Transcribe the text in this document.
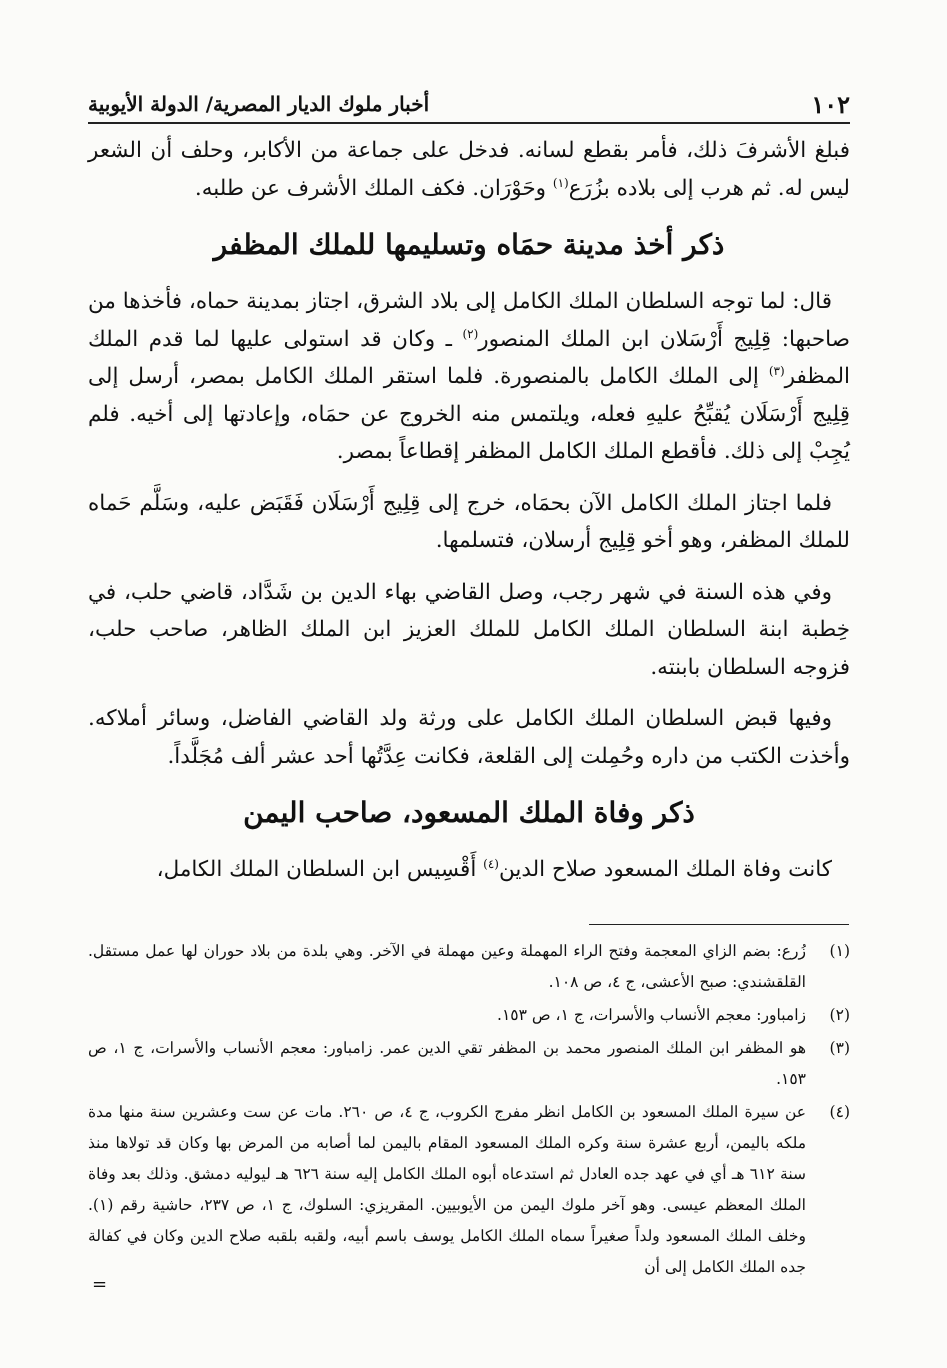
١٠٢
أخبار ملوك الديار المصرية/ الدولة الأيوبية

فبلغ الأشرفَ ذلك، فأمر بقطع لسانه. فدخل على جماعة من الأكابر، وحلف أن الشعر ليس له. ثم هرب إلى بلاده بزُرَع$^{(١)}$ وحَوْرَان. فكف الملك الأشرف عن طلبه.

ذكر أخذ مدينة حمَاه وتسليمها للملك المظفر

قال: لما توجه السلطان الملك الكامل إلى بلاد الشرق، اجتاز بمدينة حماه، فأخذها من صاحبها: قِلِيج أَرْسَلان ابن الملك المنصور$^{(٢)}$ ـ وكان قد استولى عليها لما قدم الملك المظفر$^{(٣)}$ إلى الملك الكامل بالمنصورة. فلما استقر الملك الكامل بمصر، أرسل إلى قِلِيج أَرْسَلَان يُقبِّحُ عليهِ فعله، ويلتمس منه الخروج عن حمَاه، وإعادتها إلى أخيه. فلم يُجِبْ إلى ذلك. فأقطع الملك الكامل المظفر إقطاعاً بمصر.

فلما اجتاز الملك الكامل الآن بحمَاه، خرج إلى قِلِيج أَرْسَلَان فَقَبَض عليه، وسَلَّم حَماه للملك المظفر، وهو أخو قِلِيج أرسلان، فتسلمها.

وفي هذه السنة في شهر رجب، وصل القاضي بهاء الدين بن شَدَّاد، قاضي حلب، في خِطبة ابنة السلطان الملك الكامل للملك العزيز ابن الملك الظاهر، صاحب حلب، فزوجه السلطان بابنته.

وفيها قبض السلطان الملك الكامل على ورثة ولد القاضي الفاضل، وسائر أملاكه. وأخذت الكتب من داره وحُمِلت إلى القلعة، فكانت عِدَّتُها أحد عشر ألف مُجَلَّداً.

ذكر وفاة الملك المسعود، صاحب اليمن

كانت وفاة الملك المسعود صلاح الدين$^{(٤)}$ أَقْسِيس ابن السلطان الملك الكامل،

(١)
زُرع: بضم الزاي المعجمة وفتح الراء المهملة وعين مهملة في الآخر. وهي بلدة من بلاد حوران لها عمل مستقل. القلقشندي: صبح الأعشى، ج ٤، ص ١٠٨.
(٢)
زامباور: معجم الأنساب والأسرات، ج ١، ص ١٥٣.
(٣)
هو المظفر ابن الملك المنصور محمد بن المظفر تقي الدين عمر. زامباور: معجم الأنساب والأسرات، ج ١، ص ١٥٣.
(٤)
عن سيرة الملك المسعود بن الكامل انظر مفرج الكروب، ج ٤، ص ٢٦٠. مات عن ست وعشرين سنة منها مدة ملكه باليمن، أربع عشرة سنة وكره الملك المسعود المقام باليمن لما أصابه من المرض بها وكان قد تولاها منذ سنة ٦١٢ هـ أي في عهد جده العادل ثم استدعاه أبوه الملك الكامل إليه سنة ٦٢٦ هـ ليوليه دمشق. وذلك بعد وفاة الملك المعظم عيسى. وهو آخر ملوك اليمن من الأيوبيين. المقريزي: السلوك، ج ١، ص ٢٣٧، حاشية رقم (١). وخلف الملك المسعود ولداً صغيراً سماه الملك الكامل يوسف باسم أبيه، ولقبه بلقبه صلاح الدين وكان في كفالة جده الملك الكامل إلى أن
=
